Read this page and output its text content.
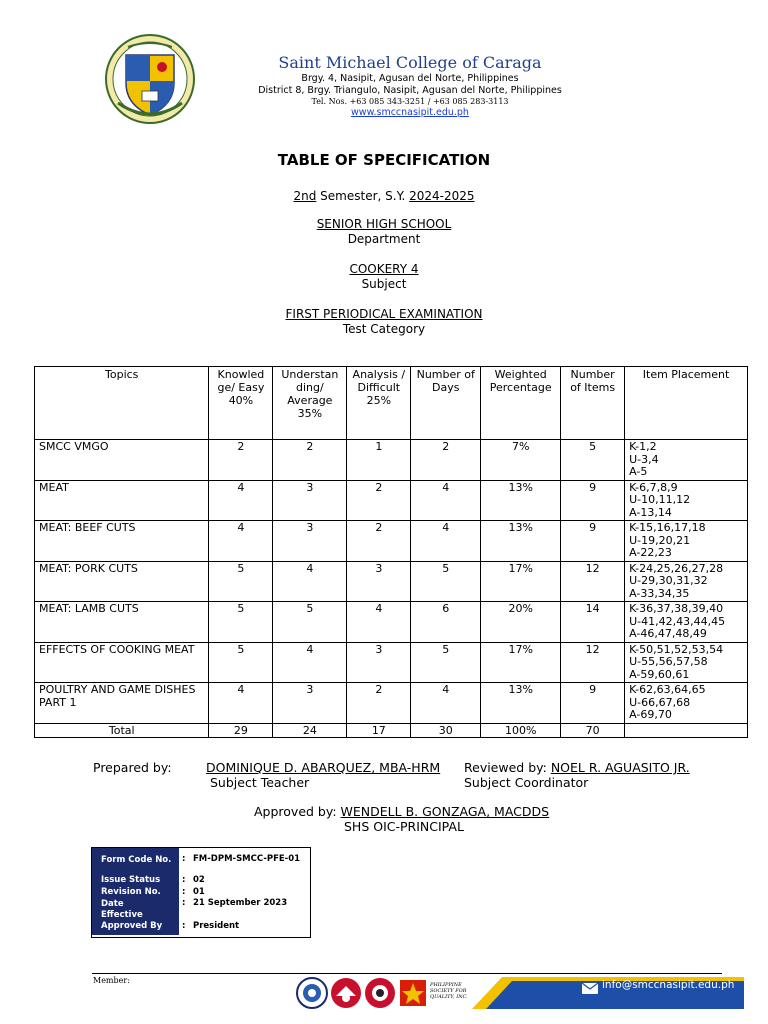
Saint Michael College of Caraga
Brgy. 4, Nasipit, Agusan del Norte, Philippines
District 8, Brgy. Triangulo, Nasipit, Agusan del Norte, Philippines
Tel. Nos. +63 085 343-3251 / +63 085 283-3113
www.smccnasipit.edu.ph
TABLE OF SPECIFICATION
2nd Semester, S.Y. 2024-2025
SENIOR HIGH SCHOOL
Department
COOKERY 4
Subject
FIRST PERIODICAL EXAMINATION
Test Category
Topics	Knowled ge/ Easy 40%	Understan ding/ Average 35%	Analysis / Difficult 25%	Number of Days	Weighted Percentage	Number of Items	Item Placement
SMCC VMGO	2	2	1	2	7%	5	K-1,2
U-3,4
A-5

MEAT	4	3	2	4	13%	9	K-6,7,8,9
U-10,11,12
A-13,14

MEAT: BEEF CUTS	4	3	2	4	13%	9	K-15,16,17,18
U-19,20,21
A-22,23

MEAT: PORK CUTS	5	4	3	5	17%	12	K-24,25,26,27,28
U-29,30,31,32
A-33,34,35

MEAT: LAMB CUTS	5	5	4	6	20%	14	K-36,37,38,39,40
U-41,42,43,44,45
A-46,47,48,49

EFFECTS OF COOKING MEAT	5	4	3	5	17%	12	K-50,51,52,53,54
U-55,56,57,58
A-59,60,61

POULTRY AND GAME DISHES PART 1	4	3	2	4	13%	9	K-62,63,64,65
U-66,67,68
A-69,70

Total	29	24	17	30	100%	70	
Prepared by:	DOMINIQUE D. ABARQUEZ, MBA-HRM
Subject Teacher
Reviewed by: NOEL R. AGUASITO JR.
Subject Coordinator
Approved by: WENDELL B. GONZAGA, MACDDS
SHS OIC-PRINCIPAL
Form Code No.	: FM-DPM-SMCC-PFE-01
Issue Status	: 02
Revision No.	: 01
Date Effective
: 21 September 2023
Approved By	: President
Member:	PHILIPPINE
SOCIETY FOR
QUALITY, INC.
info@smccnasipit.edu.ph
